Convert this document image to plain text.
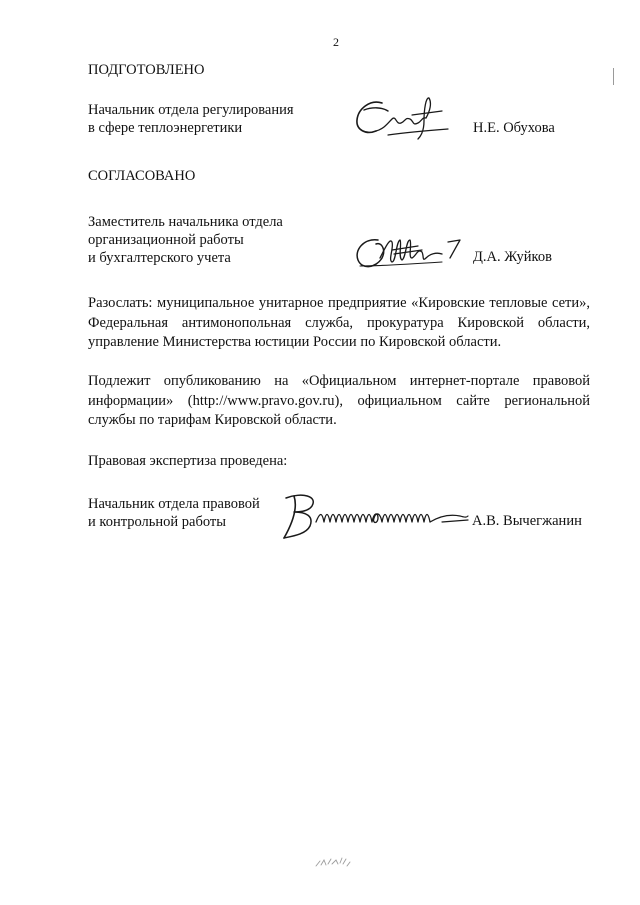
2
ПОДГОТОВЛЕНО
Начальник отдела регулирования
в сфере теплоэнергетики	Н.Е. Обухова
СОГЛАСОВАНО
Заместитель начальника отдела
организационной работы
и бухгалтерского учета	Д.А. Жуйков
Разослать: муниципальное унитарное предприятие «Кировские тепловые сети», Федеральная антимонопольная служба, прокуратура Кировской области, управление Министерства юстиции России по Кировской области.
Подлежит опубликованию на «Официальном интернет-портале правовой информации» (http://www.pravo.gov.ru), официальном сайте региональной службы по тарифам Кировской области.
Правовая экспертиза проведена:
Начальник отдела правовой
и контрольной работы	А.В. Вычегжанин
